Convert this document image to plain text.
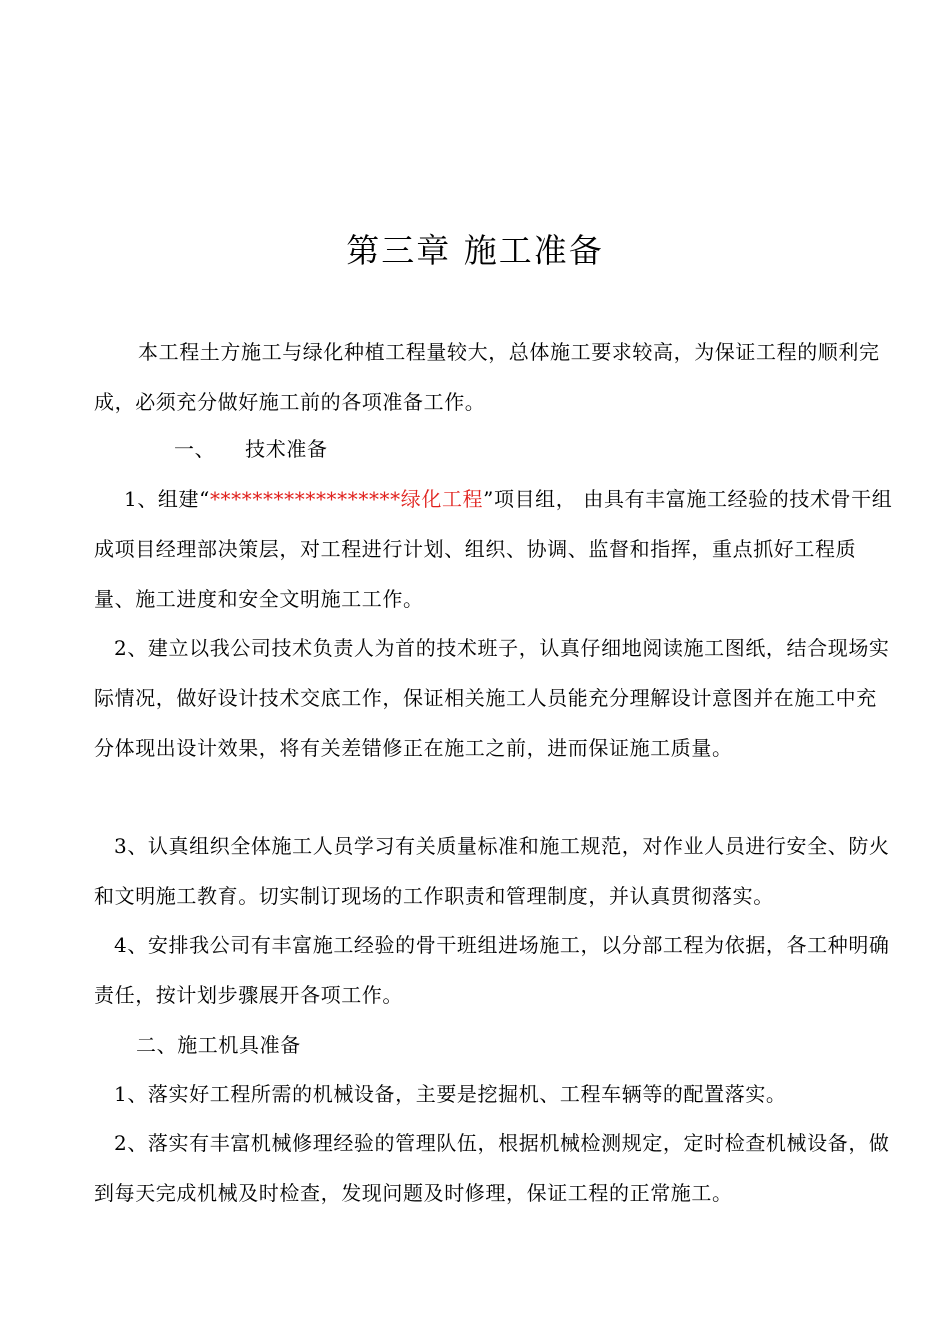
第三章 施工准备

本工程土方施工与绿化种植工程量较大，总体施工要求较高，为保证工程的顺利完成，必须充分做好施工前的各项准备工作。

一、 技术准备

1、组建“******************绿化工程”项目组， 由具有丰富施工经验的技术骨干组成项目经理部决策层，对工程进行计划、组织、协调、监督和指挥，重点抓好工程质量、施工进度和安全文明施工工作。

2、建立以我公司技术负责人为首的技术班子，认真仔细地阅读施工图纸，结合现场实际情况，做好设计技术交底工作，保证相关施工人员能充分理解设计意图并在施工中充分体现出设计效果，将有关差错修正在施工之前，进而保证施工质量。

3、认真组织全体施工人员学习有关质量标准和施工规范，对作业人员进行安全、防火和文明施工教育。切实制订现场的工作职责和管理制度，并认真贯彻落实。

4、安排我公司有丰富施工经验的骨干班组进场施工，以分部工程为依据，各工种明确责任，按计划步骤展开各项工作。

二、施工机具准备

1、落实好工程所需的机械设备，主要是挖掘机、工程车辆等的配置落实。

2、落实有丰富机械修理经验的管理队伍，根据机械检测规定，定时检查机械设备，做到每天完成机械及时检查，发现问题及时修理，保证工程的正常施工。
